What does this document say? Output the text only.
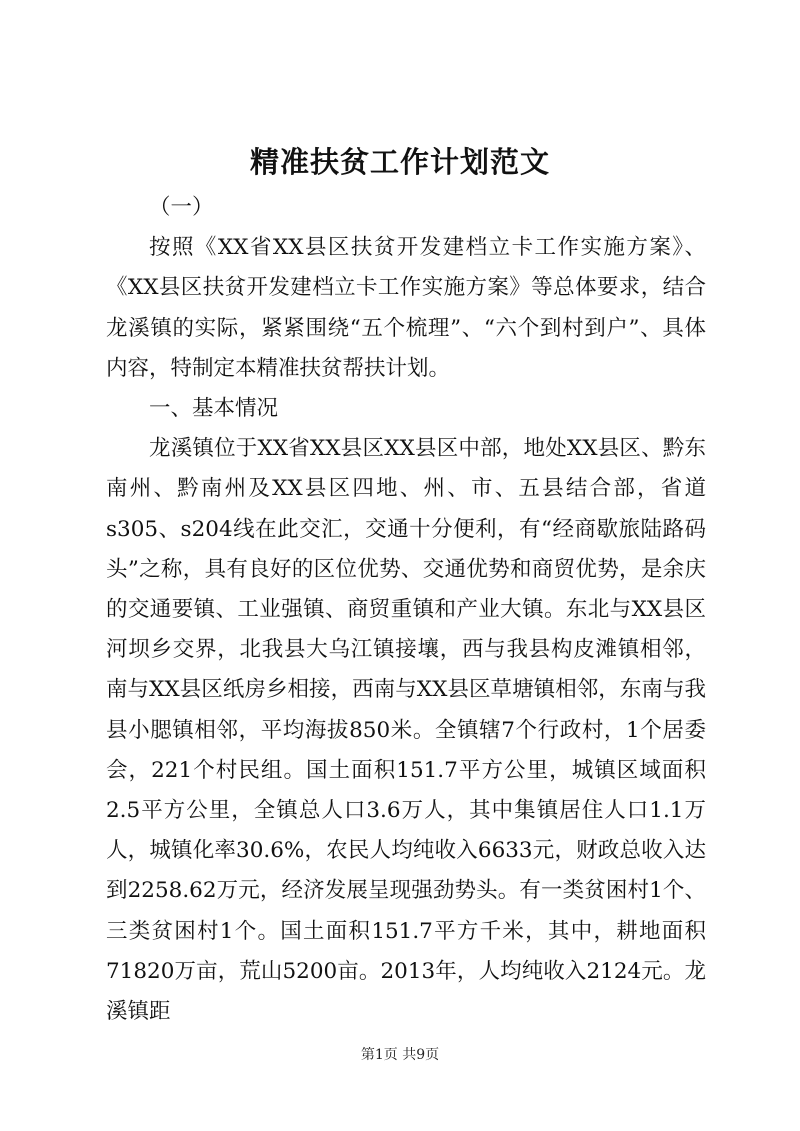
精准扶贫工作计划范文

（一）

按照《XX省XX县区扶贫开发建档立卡工作实施方案》、《XX县区扶贫开发建档立卡工作实施方案》等总体要求，结合龙溪镇的实际，紧紧围绕“五个梳理”、“六个到村到户”、具体内容，特制定本精准扶贫帮扶计划。

一、基本情况

龙溪镇位于XX省XX县区XX县区中部，地处XX县区、黔东南州、黔南州及XX县区四地、州、市、五县结合部，省道s305、s204线在此交汇，交通十分便利，有“经商歇旅陆路码头”之称，具有良好的区位优势、交通优势和商贸优势，是余庆的交通要镇、工业强镇、商贸重镇和产业大镇。东北与XX县区河坝乡交界，北我县大乌江镇接壤，西与我县构皮滩镇相邻，南与XX县区纸房乡相接，西南与XX县区草塘镇相邻，东南与我县小腮镇相邻，平均海拔850米。全镇辖7个行政村，1个居委会，221个村民组。国土面积151.7平方公里，城镇区域面积2.5平方公里，全镇总人口3.6万人，其中集镇居住人口1.1万人，城镇化率30.6%，农民人均纯收入6633元，财政总收入达到2258.62万元，经济发展呈现强劲势头。有一类贫困村1个、三类贫困村1个。国土面积151.7平方千米，其中，耕地面积71820万亩，荒山5200亩。2013年，人均纯收入2124元。龙溪镇距

第1页 共9页
